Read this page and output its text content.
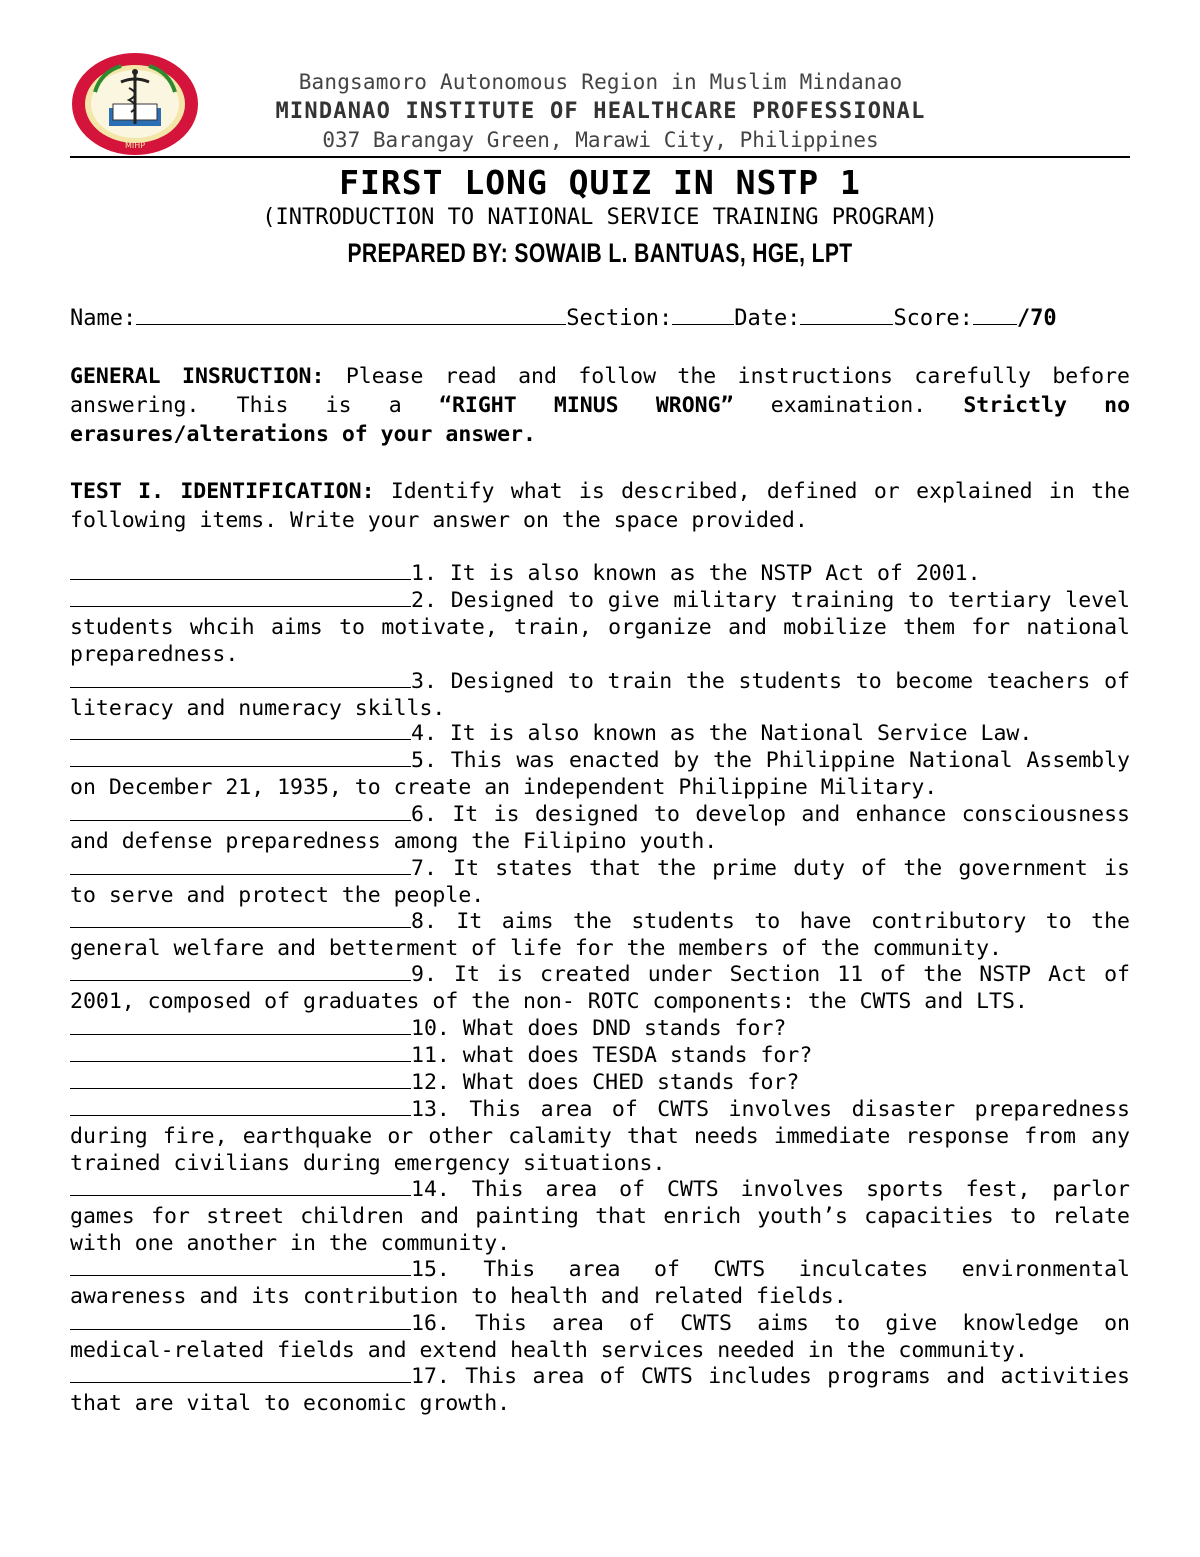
MIHP
Bangsamoro Autonomous Region in Muslim Mindanao
MINDANAO INSTITUTE OF HEALTHCARE PROFESSIONAL
037 Barangay Green, Marawi City, Philippines
FIRST LONG QUIZ IN NSTP 1
(INTRODUCTION TO NATIONAL SERVICE TRAINING PROGRAM)
PREPARED BY: SOWAIB L. BANTUAS, HGE, LPT
Name:	Section:	Date:	Score: /70
GENERAL INSRUCTION: Please read and follow the instructions carefully before answering. This is a “RIGHT MINUS WRONG” examination. Strictly no erasures/alterations of your answer.
TEST I. IDENTIFICATION: Identify what is described, defined or explained in the following items. Write your answer on the space provided.
1. It is also known as the NSTP Act of 2001.
2. Designed to give military training to tertiary level students whcih aims to motivate, train, organize and mobilize them for national preparedness.
3. Designed to train the students to become teachers of literacy and numeracy skills.
4. It is also known as the National Service Law.
5. This was enacted by the Philippine National Assembly on December 21, 1935, to create an independent Philippine Military.
6. It is designed to develop and enhance consciousness and defense preparedness among the Filipino youth.
7. It states that the prime duty of the government is to serve and protect the people.
8. It aims the students to have contributory to the general welfare and betterment of life for the members of the community.
9. It is created under Section 11 of the NSTP Act of 2001, composed of graduates of the non- ROTC components: the CWTS and LTS.
10. What does DND stands for?
11. what does TESDA stands for?
12. What does CHED stands for?
13. This area of CWTS involves disaster preparedness during fire, earthquake or other calamity that needs immediate response from any trained civilians during emergency situations.
14. This area of CWTS involves sports fest, parlor games for street children and painting that enrich youth’s capacities to relate with one another in the community.
15. This area of CWTS inculcates environmental awareness and its contribution to health and related fields.
16. This area of CWTS aims to give knowledge on medical-related fields and extend health services needed in the community.
17. This area of CWTS includes programs and activities that are vital to economic growth.
